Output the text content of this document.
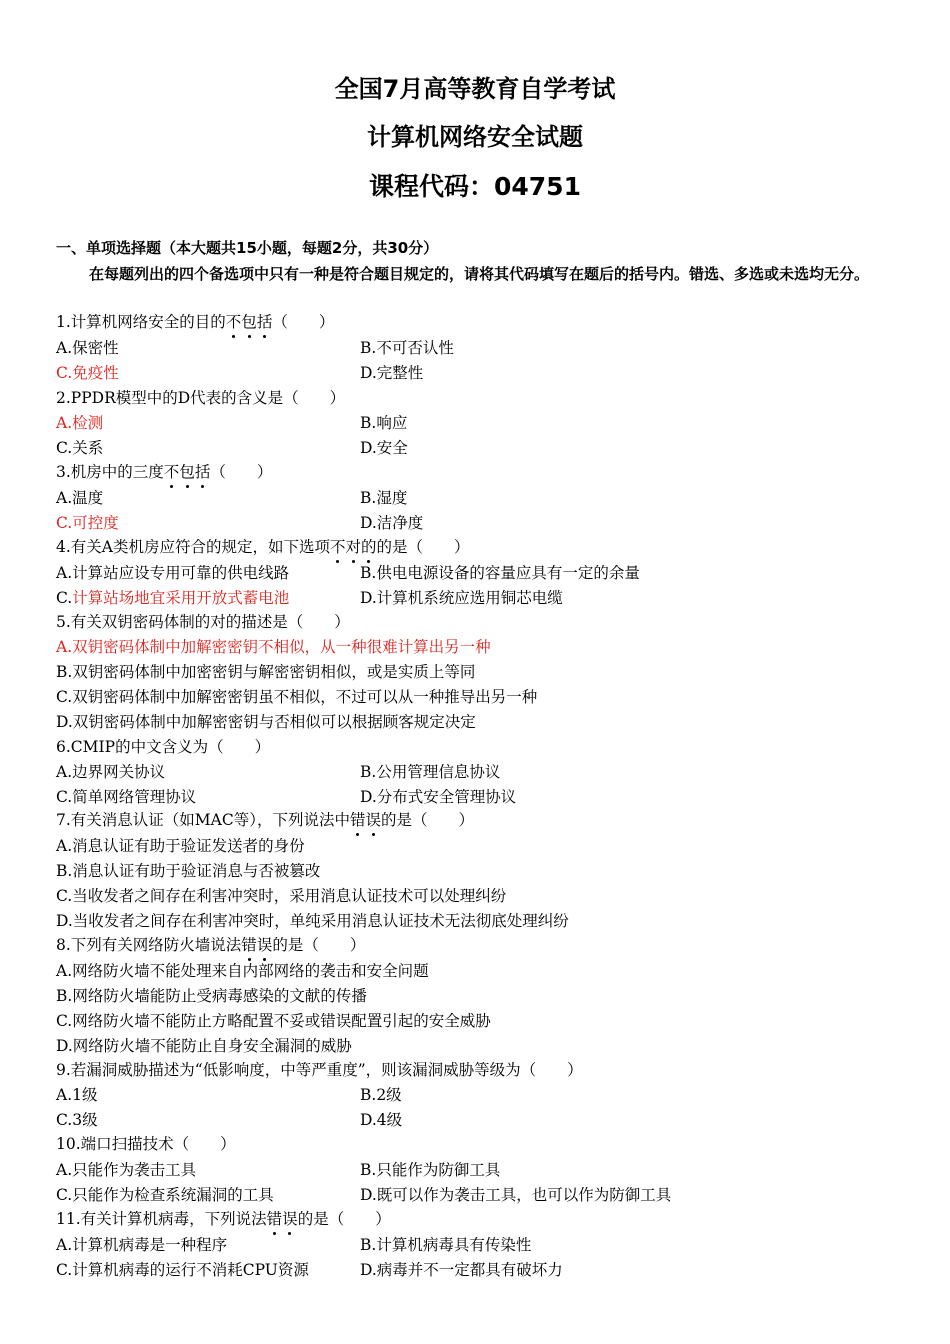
全国7月高等教育自学考试
计算机网络安全试题
课程代码：04751
一、单项选择题（本大题共15小题，每题2分，共30分）
在每题列出的四个备选项中只有一种是符合题目规定的，请将其代码填写在题后的括号内。错选、多选或未选均无分。
1.计算机网络安全的目的不包括（　　）
A.保密性	B.不可否认性
C.免疫性	D.完整性
2.PPDR模型中的D代表的含义是（　　）
A.检测	B.响应
C.关系	D.安全
3.机房中的三度不包括（　　）
A.温度	B.湿度
C.可控度	D.洁净度
4.有关A类机房应符合的规定，如下选项不对的的是（　　）
A.计算站应设专用可靠的供电线路	B.供电电源设备的容量应具有一定的余量
C.计算站场地宜采用开放式蓄电池	D.计算机系统应选用铜芯电缆
5.有关双钥密码体制的对的描述是（　　）
A.双钥密码体制中加解密密钥不相似，从一种很难计算出另一种
B.双钥密码体制中加密密钥与解密密钥相似，或是实质上等同
C.双钥密码体制中加解密密钥虽不相似，不过可以从一种推导出另一种
D.双钥密码体制中加解密密钥与否相似可以根据顾客规定决定
6.CMIP的中文含义为（　　）
A.边界网关协议	B.公用管理信息协议
C.简单网络管理协议	D.分布式安全管理协议
7.有关消息认证（如MAC等），下列说法中错误的是（　　）
A.消息认证有助于验证发送者的身份
B.消息认证有助于验证消息与否被篡改
C.当收发者之间存在利害冲突时，采用消息认证技术可以处理纠纷
D.当收发者之间存在利害冲突时，单纯采用消息认证技术无法彻底处理纠纷
8.下列有关网络防火墙说法错误的是（　　）
A.网络防火墙不能处理来自内部网络的袭击和安全问题
B.网络防火墙能防止受病毒感染的文献的传播
C.网络防火墙不能防止方略配置不妥或错误配置引起的安全威胁
D.网络防火墙不能防止自身安全漏洞的威胁
9.若漏洞威胁描述为“低影响度，中等严重度”，则该漏洞威胁等级为（　　）
A.1级	B.2级
C.3级	D.4级
10.端口扫描技术（　　）
A.只能作为袭击工具	B.只能作为防御工具
C.只能作为检查系统漏洞的工具	D.既可以作为袭击工具，也可以作为防御工具
11.有关计算机病毒，下列说法错误的是（　　）
A.计算机病毒是一种程序	B.计算机病毒具有传染性
C.计算机病毒的运行不消耗CPU资源	D.病毒并不一定都具有破坏力
